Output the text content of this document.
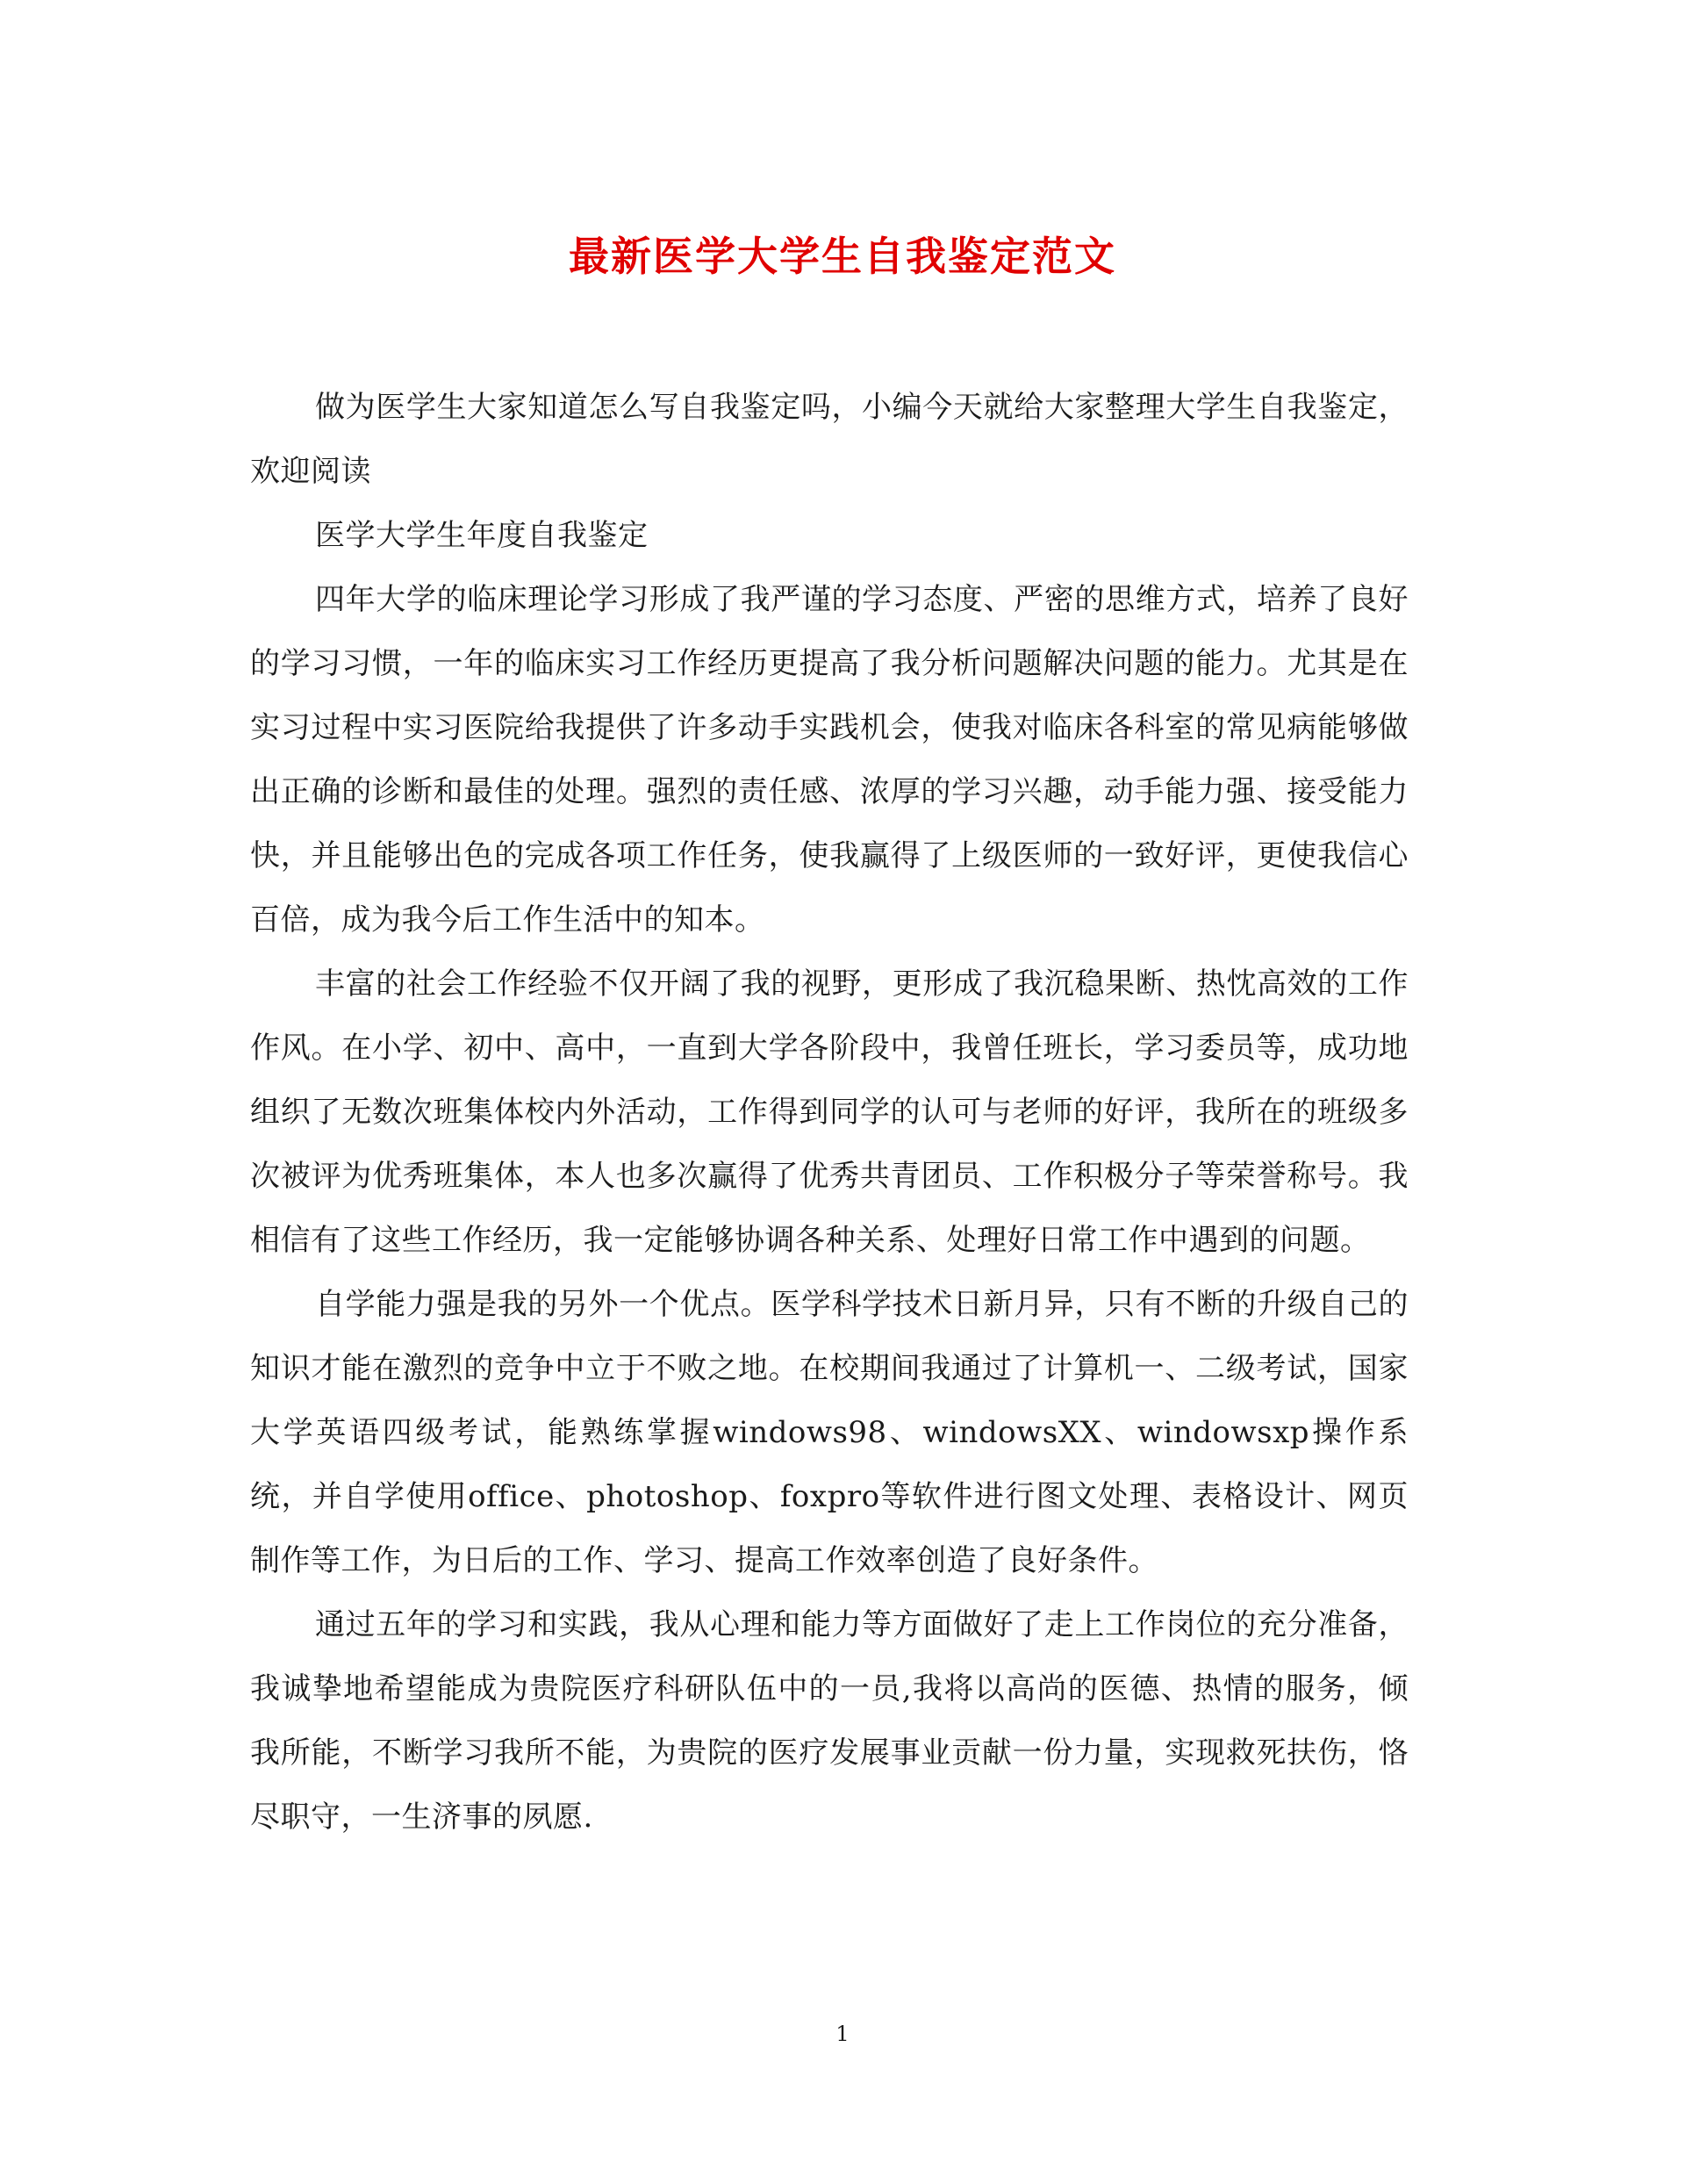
最新医学大学生自我鉴定范文

做为医学生大家知道怎么写自我鉴定吗，小编今天就给大家整理大学生自我鉴定，欢迎阅读

医学大学生年度自我鉴定

四年大学的临床理论学习形成了我严谨的学习态度、严密的思维方式，培养了良好的学习习惯，一年的临床实习工作经历更提高了我分析问题解决问题的能力。尤其是在实习过程中实习医院给我提供了许多动手实践机会，使我对临床各科室的常见病能够做出正确的诊断和最佳的处理。强烈的责任感、浓厚的学习兴趣，动手能力强、接受能力快，并且能够出色的完成各项工作任务，使我赢得了上级医师的一致好评，更使我信心百倍，成为我今后工作生活中的知本。

丰富的社会工作经验不仅开阔了我的视野，更形成了我沉稳果断、热忱高效的工作作风。在小学、初中、高中，一直到大学各阶段中，我曾任班长，学习委员等，成功地组织了无数次班集体校内外活动，工作得到同学的认可与老师的好评，我所在的班级多次被评为优秀班集体，本人也多次赢得了优秀共青团员、工作积极分子等荣誉称号。我相信有了这些工作经历，我一定能够协调各种关系、处理好日常工作中遇到的问题。

自学能力强是我的另外一个优点。医学科学技术日新月异，只有不断的升级自己的知识才能在激烈的竞争中立于不败之地。在校期间我通过了计算机一、二级考试，国家大学英语四级考试，能熟练掌握windows98、windowsXX、windowsxp操作系统，并自学使用office、photoshop、foxpro等软件进行图文处理、表格设计、网页制作等工作，为日后的工作、学习、提高工作效率创造了良好条件。

通过五年的学习和实践，我从心理和能力等方面做好了走上工作岗位的充分准备，我诚挚地希望能成为贵院医疗科研队伍中的一员,我将以高尚的医德、热情的服务，倾我所能，不断学习我所不能，为贵院的医疗发展事业贡献一份力量，实现救死扶伤，恪尽职守，一生济事的夙愿.

1
